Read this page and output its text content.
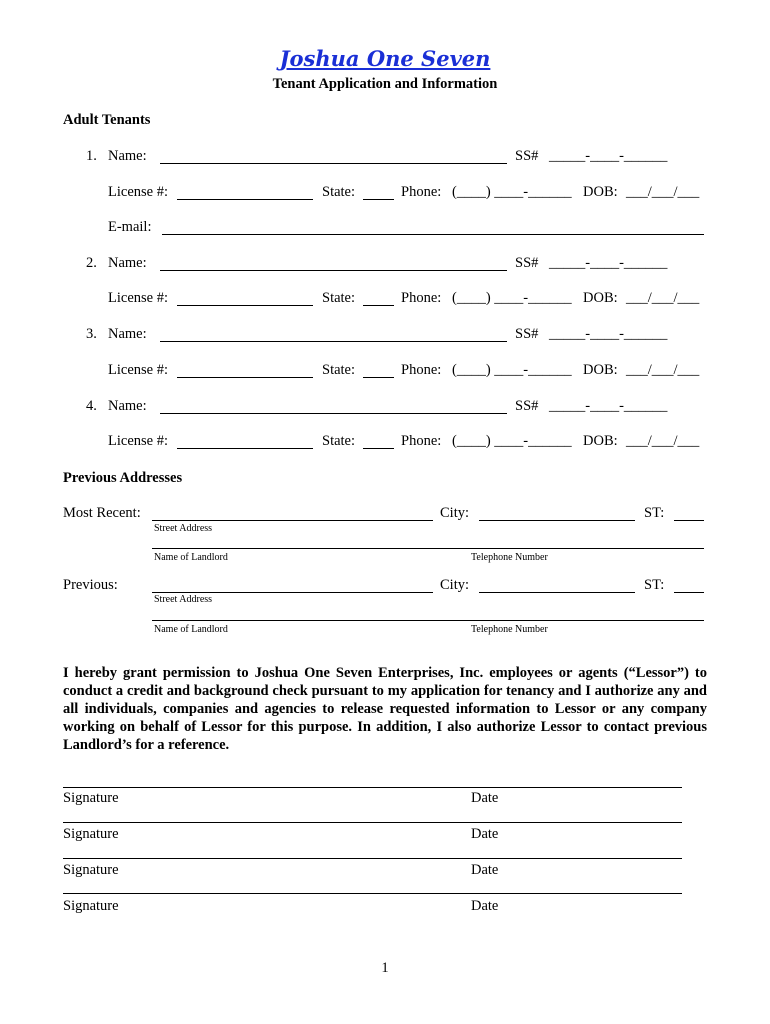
Joshua One Seven
Tenant Application and Information
Adult Tenants
1. Name:	SS# _____-____-______
License #:	State:	Phone: (____) ____-______ DOB: ___/___/___
E-mail:
2. Name:	SS# _____-____-______
License #:	State:	Phone: (____) ____-______ DOB: ___/___/___
3. Name:	SS# _____-____-______
License #:	State:	Phone: (____) ____-______ DOB: ___/___/___
4. Name:	SS# _____-____-______
License #:	State:	Phone: (____) ____-______ DOB: ___/___/___
Previous Addresses
Most Recent:	City:	ST:
Street Address
Name of Landlord	Telephone Number
Previous:	City:	ST:
Street Address
Name of Landlord	Telephone Number
I hereby grant permission to Joshua One Seven Enterprises, Inc. employees or agents (“Lessor”) to conduct a credit and background check pursuant to my application for tenancy and I authorize any and all individuals, companies and agencies to release requested information to Lessor or any company working on behalf of Lessor for this purpose. In addition, I also authorize Lessor to contact previous Landlord’s for a reference.
Signature	Date
Signature	Date
Signature	Date
Signature	Date
1
